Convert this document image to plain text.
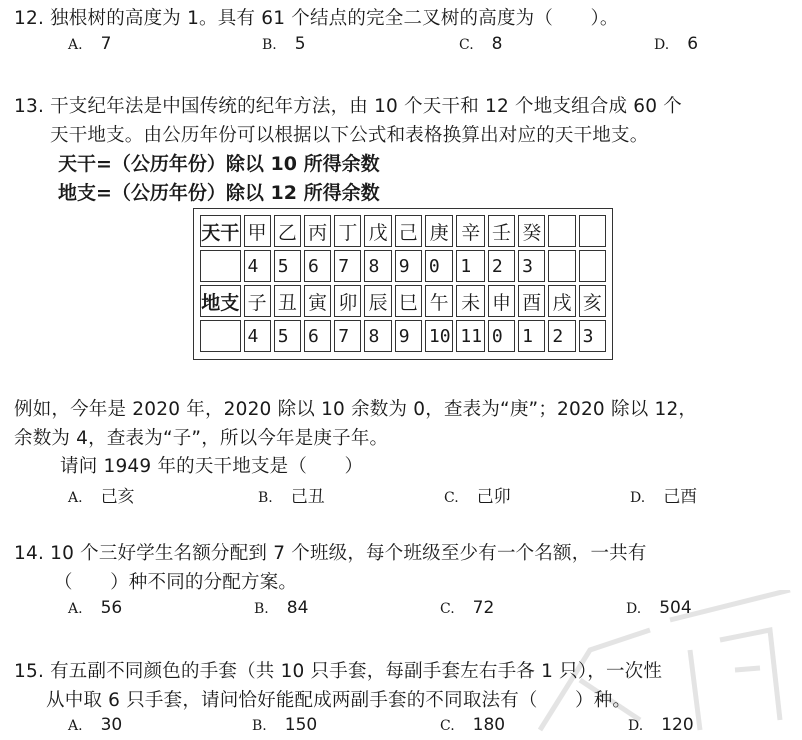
12. 独根树的高度为 1。具有 61 个结点的完全二叉树的高度为（　　）。
A. 7	B. 5	C. 8	D. 6
13. 干支纪年法是中国传统的纪年方法，由 10 个天干和 12 个地支组合成 60 个
天干地支。由公历年份可以根据以下公式和表格换算出对应的天干地支。
天干=（公历年份）除以 10 所得余数
地支=（公历年份）除以 12 所得余数
天干	甲	乙	丙	丁	戊	己	庚	辛	壬	癸		
	4	5	6	7	8	9	0	1	2	3		
地支	子	丑	寅	卯	辰	巳	午	未	申	酉	戌	亥
	4	5	6	7	8	9	10	11	0	1	2	3
例如，今年是 2020 年，2020 除以 10 余数为 0，查表为“庚”；2020 除以 12，
余数为 4，查表为“子”，所以今年是庚子年。
请问 1949 年的天干地支是（　　）
A. 己亥	B. 己丑	C. 己卯	D. 己酉
14. 10 个三好学生名额分配到 7 个班级，每个班级至少有一个名额，一共有
（　　）种不同的分配方案。
A. 56	B. 84	C. 72	D. 504
15. 有五副不同颜色的手套（共 10 只手套，每副手套左右手各 1 只），一次性
从中取 6 只手套，请问恰好能配成两副手套的不同取法有（　　）种。
A. 30	B. 150	C. 180	D. 120
